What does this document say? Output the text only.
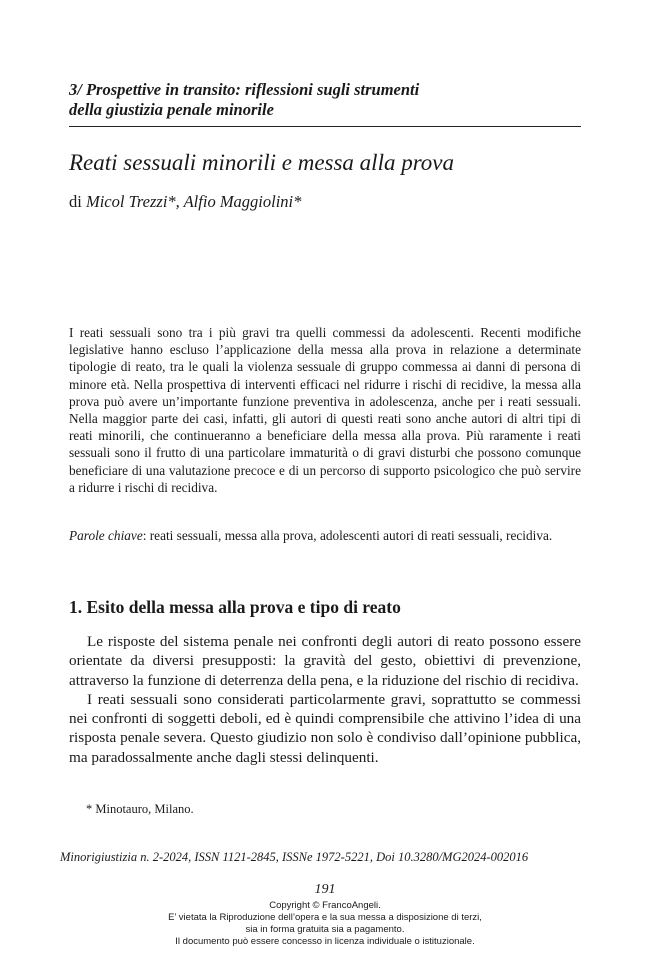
3/ Prospettive in transito: riflessioni sugli strumenti
della giustizia penale minorile
Reati sessuali minorili e messa alla prova
di Micol Trezzi*, Alfio Maggiolini*

I reati sessuali sono tra i più gravi tra quelli commessi da adolescenti. Recenti modifiche legislative hanno escluso l’applicazione della messa alla prova in relazione a determinate tipologie di reato, tra le quali la violenza sessuale di gruppo commessa ai danni di persona di minore età. Nella prospettiva di interventi efficaci nel ridurre i rischi di recidive, la messa alla prova può avere un’importante funzione preventiva in adolescenza, anche per i reati sessuali. Nella maggior parte dei casi, infatti, gli autori di questi reati sono anche autori di altri tipi di reati minorili, che continueranno a beneficiare della messa alla prova. Più raramente i reati sessuali sono il frutto di una particolare immaturità o di gravi disturbi che possono comunque beneficiare di una valutazione precoce e di un percorso di supporto psicologico che può servire a ridurre i rischi di recidiva.

Parole chiave: reati sessuali, messa alla prova, adolescenti autori di reati sessuali, recidiva.

1. Esito della messa alla prova e tipo di reato

Le risposte del sistema penale nei confronti degli autori di reato possono essere orientate da diversi presupposti: la gravità del gesto, obiettivi di prevenzione, attraverso la funzione di deterrenza della pena, e la riduzione del rischio di recidiva.

I reati sessuali sono considerati particolarmente gravi, soprattutto se commessi nei confronti di soggetti deboli, ed è quindi comprensibile che attivino l’idea di una risposta penale severa. Questo giudizio non solo è condiviso dall’opinione pubblica, ma paradossalmente anche dagli stessi delinquenti.

* Minotauro, Milano.
Minorigiustizia n. 2-2024, ISSN 1121-2845, ISSNe 1972-5221, Doi 10.3280/MG2024-002016
191
Copyright © FrancoAngeli.
E’ vietata la Riproduzione dell’opera e la sua messa a disposizione di terzi,
sia in forma gratuita sia a pagamento.
Il documento può essere concesso in licenza individuale o istituzionale.
